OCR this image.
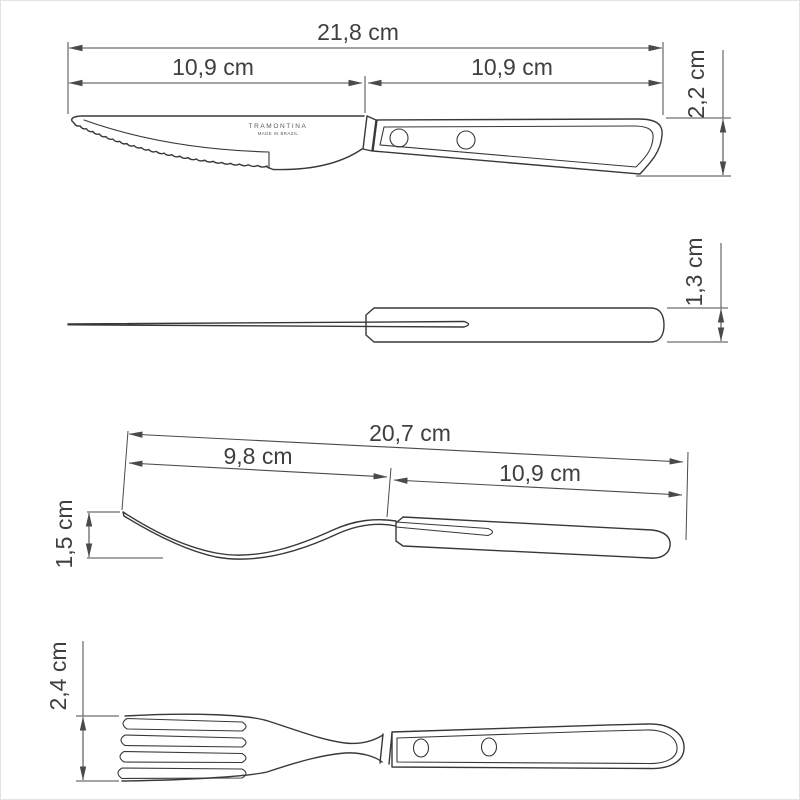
TRAMONTINA
MADE IN BRAZIL
21,8 cm
10,9 cm	10,9 cm	2,2 cm
1,3 cm
20,7 cm
9,8 cm
10,9 cm
1,5 cm
2,4 cm
